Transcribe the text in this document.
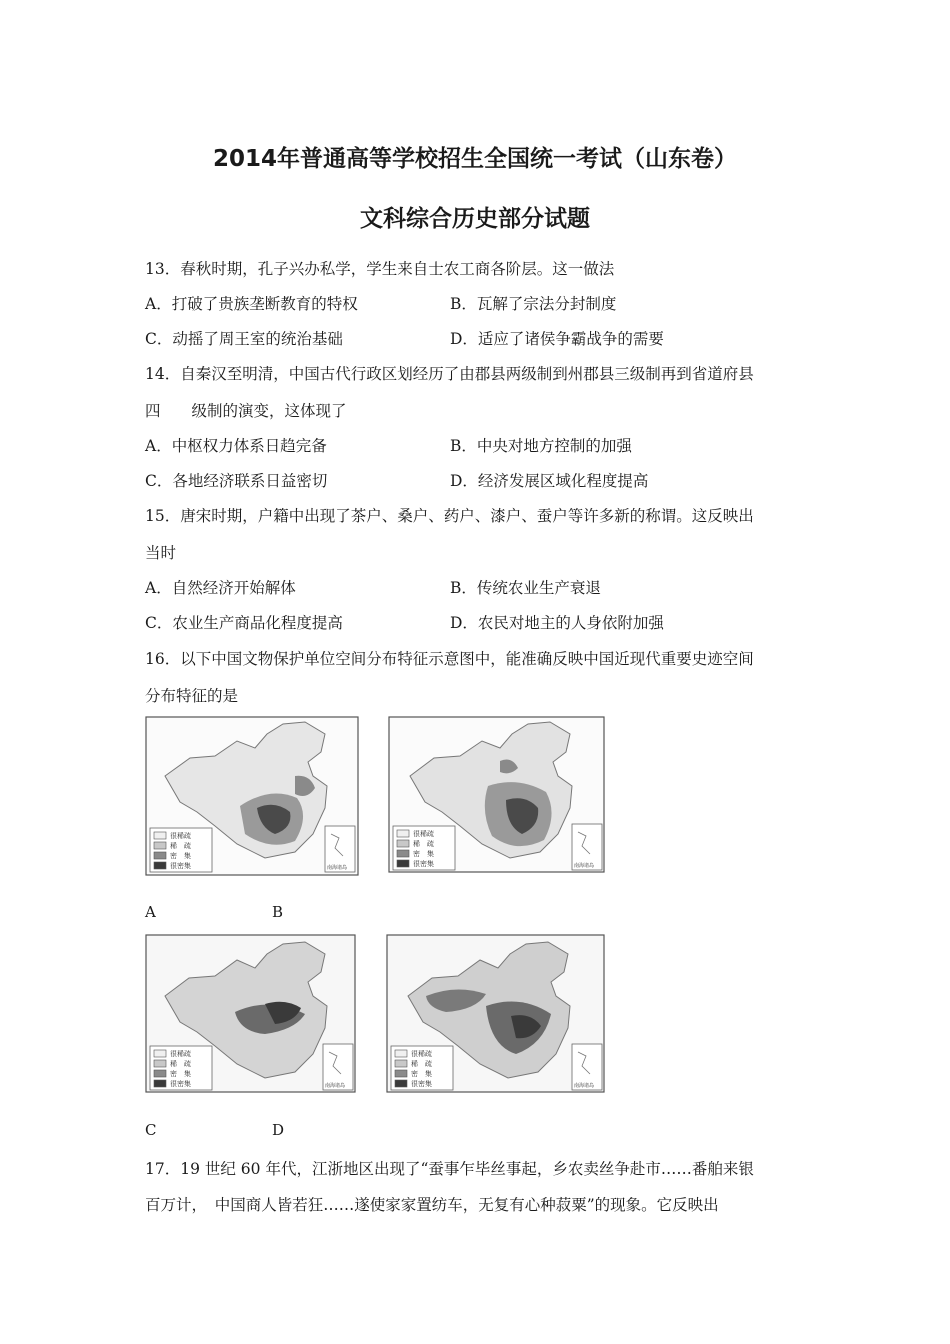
2014年普通高等学校招生全国统一考试（山东卷）
文科综合历史部分试题
13．春秋时期，孔子兴办私学，学生来自士农工商各阶层。这一做法
A．打破了贵族垄断教育的特权	B．瓦解了宗法分封制度
C．动摇了周王室的统治基础	D．适应了诸侯争霸战争的需要
14．自秦汉至明清，中国古代行政区划经历了由郡县两级制到州郡县三级制再到省道府县
四　　级制的演变，这体现了
A．中枢权力体系日趋完备	B．中央对地方控制的加强
C．各地经济联系日益密切	D．经济发展区域化程度提高
15．唐宋时期，户籍中出现了茶户、桑户、药户、漆户、蚕户等许多新的称谓。这反映出
当时
A．自然经济开始解体	B．传统农业生产衰退
C．农业生产商品化程度提高	D．农民对地主的人身依附加强
16．以下中国文物保护单位空间分布特征示意图中，能准确反映中国近现代重要史迹空间
分布特征的是
很稀疏
稀　疏
密　集
很密集	南海诸岛
很稀疏
稀　疏
密　集
很密集	南海诸岛
A	B
很稀疏
稀　疏
密　集
很密集	南海诸岛
很稀疏
稀　疏
密　集
很密集	南海诸岛
C	D
17．19 世纪 60 年代，江浙地区出现了“蚕事乍毕丝事起，乡农卖丝争赴市……番舶来银
百万计，　中国商人皆若狂……遂使家家置纺车，无复有心种菽粟”的现象。它反映出
